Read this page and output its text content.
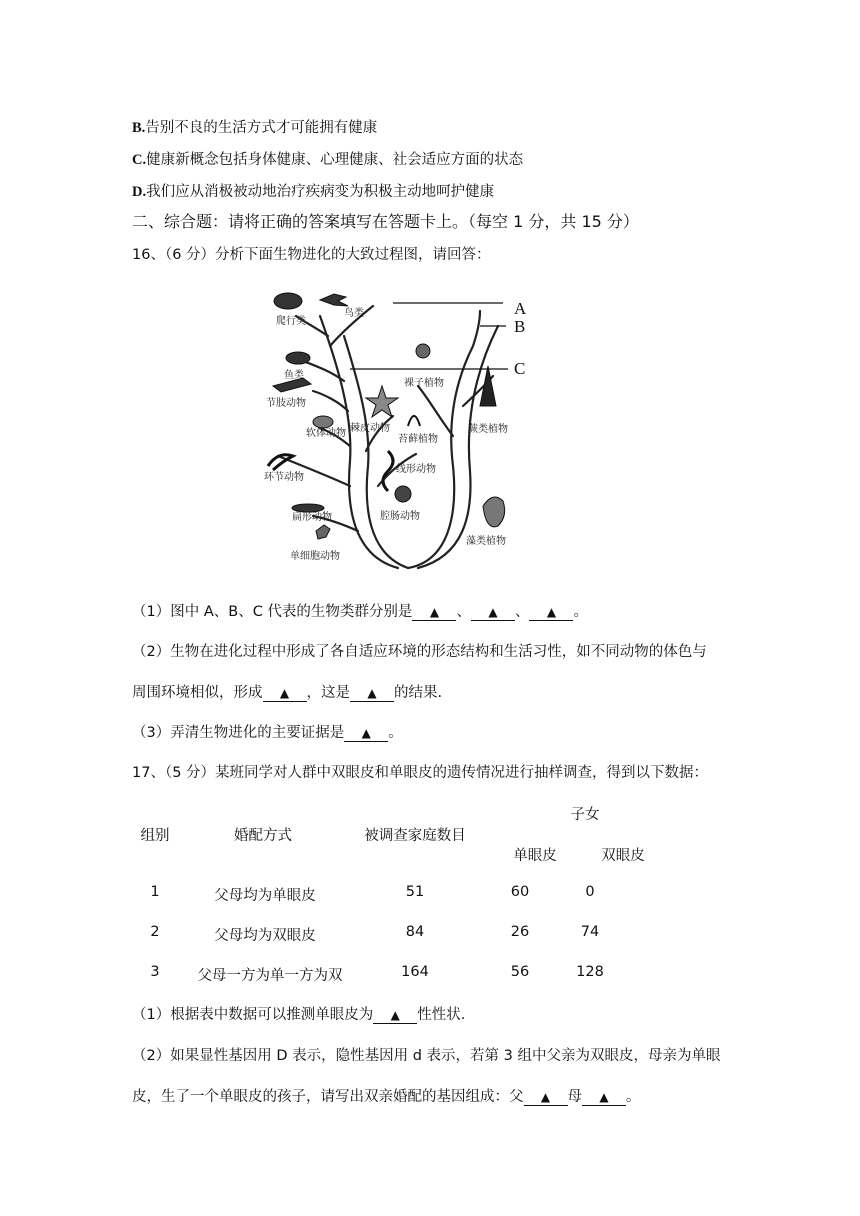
B.告别不良的生活方式才可能拥有健康
C.健康新概念包括身体健康、心理健康、社会适应方面的状态
D.我们应从消极被动地治疗疾病变为积极主动地呵护健康
二、综合题：请将正确的答案填写在答题卡上。（每空 1 分，共 15 分）
16、（6 分）分析下面生物进化的大致过程图，请回答：
A
B
C
爬行类
鸟类
鱼类
节肢动物
软体动物
环节动物
扁形动物
单细胞动物
棘皮动物
苔藓植物
线形动物
腔肠动物
裸子植物
蕨类植物
藻类植物
（1）图中 A、B、C 代表的生物类群分别是 ▲ 、 ▲ 、 ▲ 。
（2）生物在进化过程中形成了各自适应环境的形态结构和生活习性，如不同动物的体色与
周围环境相似，形成 ▲ ，这是 ▲ 的结果.
（3）弄清生物进化的主要证据是 ▲ 。
17、（5 分）某班同学对人群中双眼皮和单眼皮的遗传情况进行抽样调查，得到以下数据：
组别	婚配方式	被调查家庭数目
子女
单眼皮	双眼皮
1	父母均为单眼皮	51	60	0
2	父母均为双眼皮	84	26	74
3	父母一方为单一方为双	164	56	128
（1）根据表中数据可以推测单眼皮为 ▲ 性性状.
（2）如果显性基因用 D 表示，隐性基因用 d 表示，若第 3 组中父亲为双眼皮，母亲为单眼
皮，生了一个单眼皮的孩子，请写出双亲婚配的基因组成：父 ▲ 母 ▲ 。
